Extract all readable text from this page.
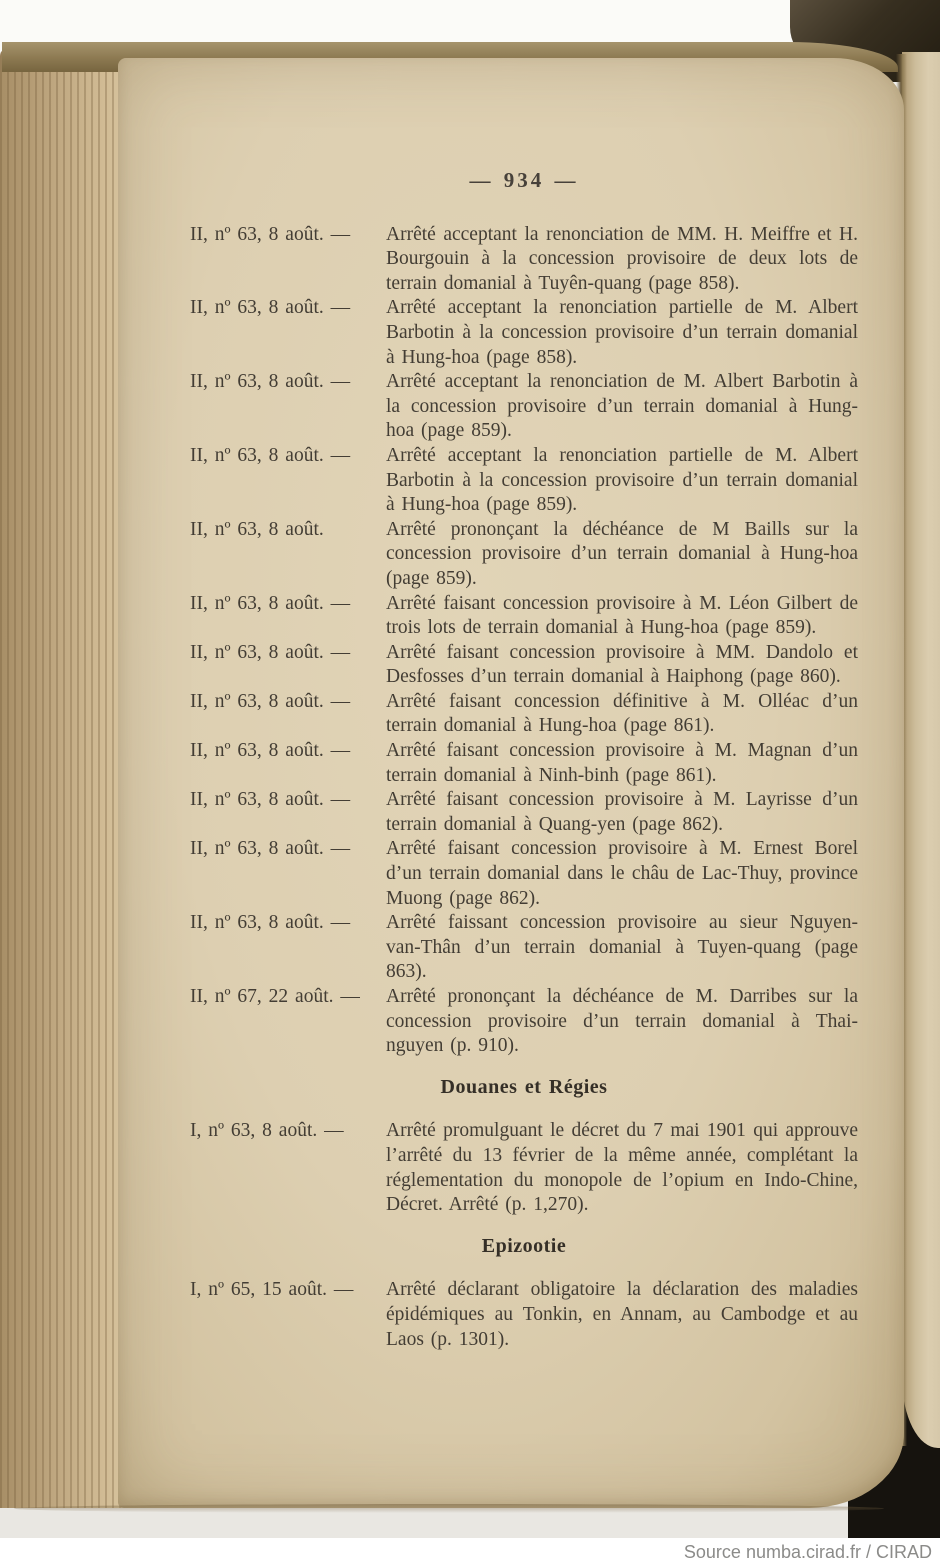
— 934 —
II, nº 63, 8 août. — Arrêté acceptant la renonciation de MM. H. Meiffre et H. Bourgouin à la concession provisoire de deux lots de terrain domanial à Tuyên-quang (page 858).

II, nº 63, 8 août. — Arrêté acceptant la renonciation partielle de M. Albert Barbotin à la concession provisoire d’un terrain domanial à Hung-hoa (page 858).

II, nº 63, 8 août. — Arrêté acceptant la renonciation de M. Albert Barbotin à la concession provisoire d’un terrain domanial à Hung-hoa (page 859).

II, nº 63, 8 août. — Arrêté acceptant la renonciation partielle de M. Albert Barbotin à la concession provisoire d’un terrain domanial à Hung-hoa (page 859).

II, nº 63, 8 août.	Arrêté prononçant la déchéance de M Baills sur la concession provisoire d’un terrain domanial à Hung-hoa (page 859).

II, nº 63, 8 août. — Arrêté faisant concession provisoire à M. Léon Gilbert de trois lots de terrain domanial à Hung-hoa (page 859).

II, nº 63, 8 août. — Arrêté faisant concession provisoire à MM. Dandolo et Desfosses d’un terrain domanial à Haiphong (page 860).

II, nº 63, 8 août. — Arrêté faisant concession définitive à M. Olléac d’un terrain domanial à Hung-hoa (page 861).

II, nº 63, 8 août. — Arrêté faisant concession provisoire à M. Magnan d’un terrain domanial à Ninh-binh (page 861).

II, nº 63, 8 août. — Arrêté faisant concession provisoire à M. Layrisse d’un terrain domanial à Quang-yen (page 862).

II, nº 63, 8 août. — Arrêté faisant concession provisoire à M. Ernest Borel d’un terrain domanial dans le châu de Lac-Thuy, province Muong (page 862).

II, nº 63, 8 août. — Arrêté faissant concession provisoire au sieur Nguyen-van-Thân d’un terrain domanial à Tuyen-quang (page 863).

II, nº 67, 22 août. — Arrêté prononçant la déchéance de M. Darribes sur la concession provisoire d’un terrain domanial à Thai-nguyen (p. 910).

Douanes et Régies
I, nº 63, 8 août. — Arrêté promulguant le décret du 7 mai 1901 qui approuve l’arrêté du 13 février de la même année, complétant la réglementation du monopole de l’opium en Indo-Chine, Décret. Arrêté (p. 1,270).

Epizootie
I, nº 65, 15 août. — Arrêté déclarant obligatoire la déclaration des maladies épidémiques au Tonkin, en Annam, au Cambodge et au Laos (p. 1301).

Source numba.cirad.fr / CIRAD
